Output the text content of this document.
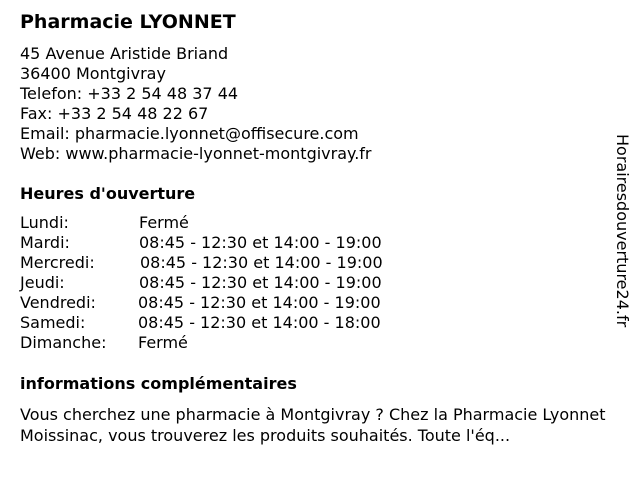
Pharmacie LYONNET
45 Avenue Aristide Briand
36400 Montgivray
Telefon: +33 2 54 48 37 44
Fax: +33 2 54 48 22 67
Email: pharmacie.lyonnet@offisecure.com
Web: www.pharmacie-lyonnet-montgivray.fr
Heures d'ouverture
Lundi:	Fermé
Mardi:	08:45 - 12:30 et 14:00 - 19:00
Mercredi:	08:45 - 12:30 et 14:00 - 19:00
Jeudi:	08:45 - 12:30 et 14:00 - 19:00
Vendredi:	08:45 - 12:30 et 14:00 - 19:00
Samedi:	08:45 - 12:30 et 14:00 - 18:00
Dimanche: Fermé
informations complémentaires
Vous cherchez une pharmacie à Montgivray ? Chez la Pharmacie Lyonnet Moissinac, vous trouverez les produits souhaités. Toute l'éq...
Horairesdouverture24.fr
